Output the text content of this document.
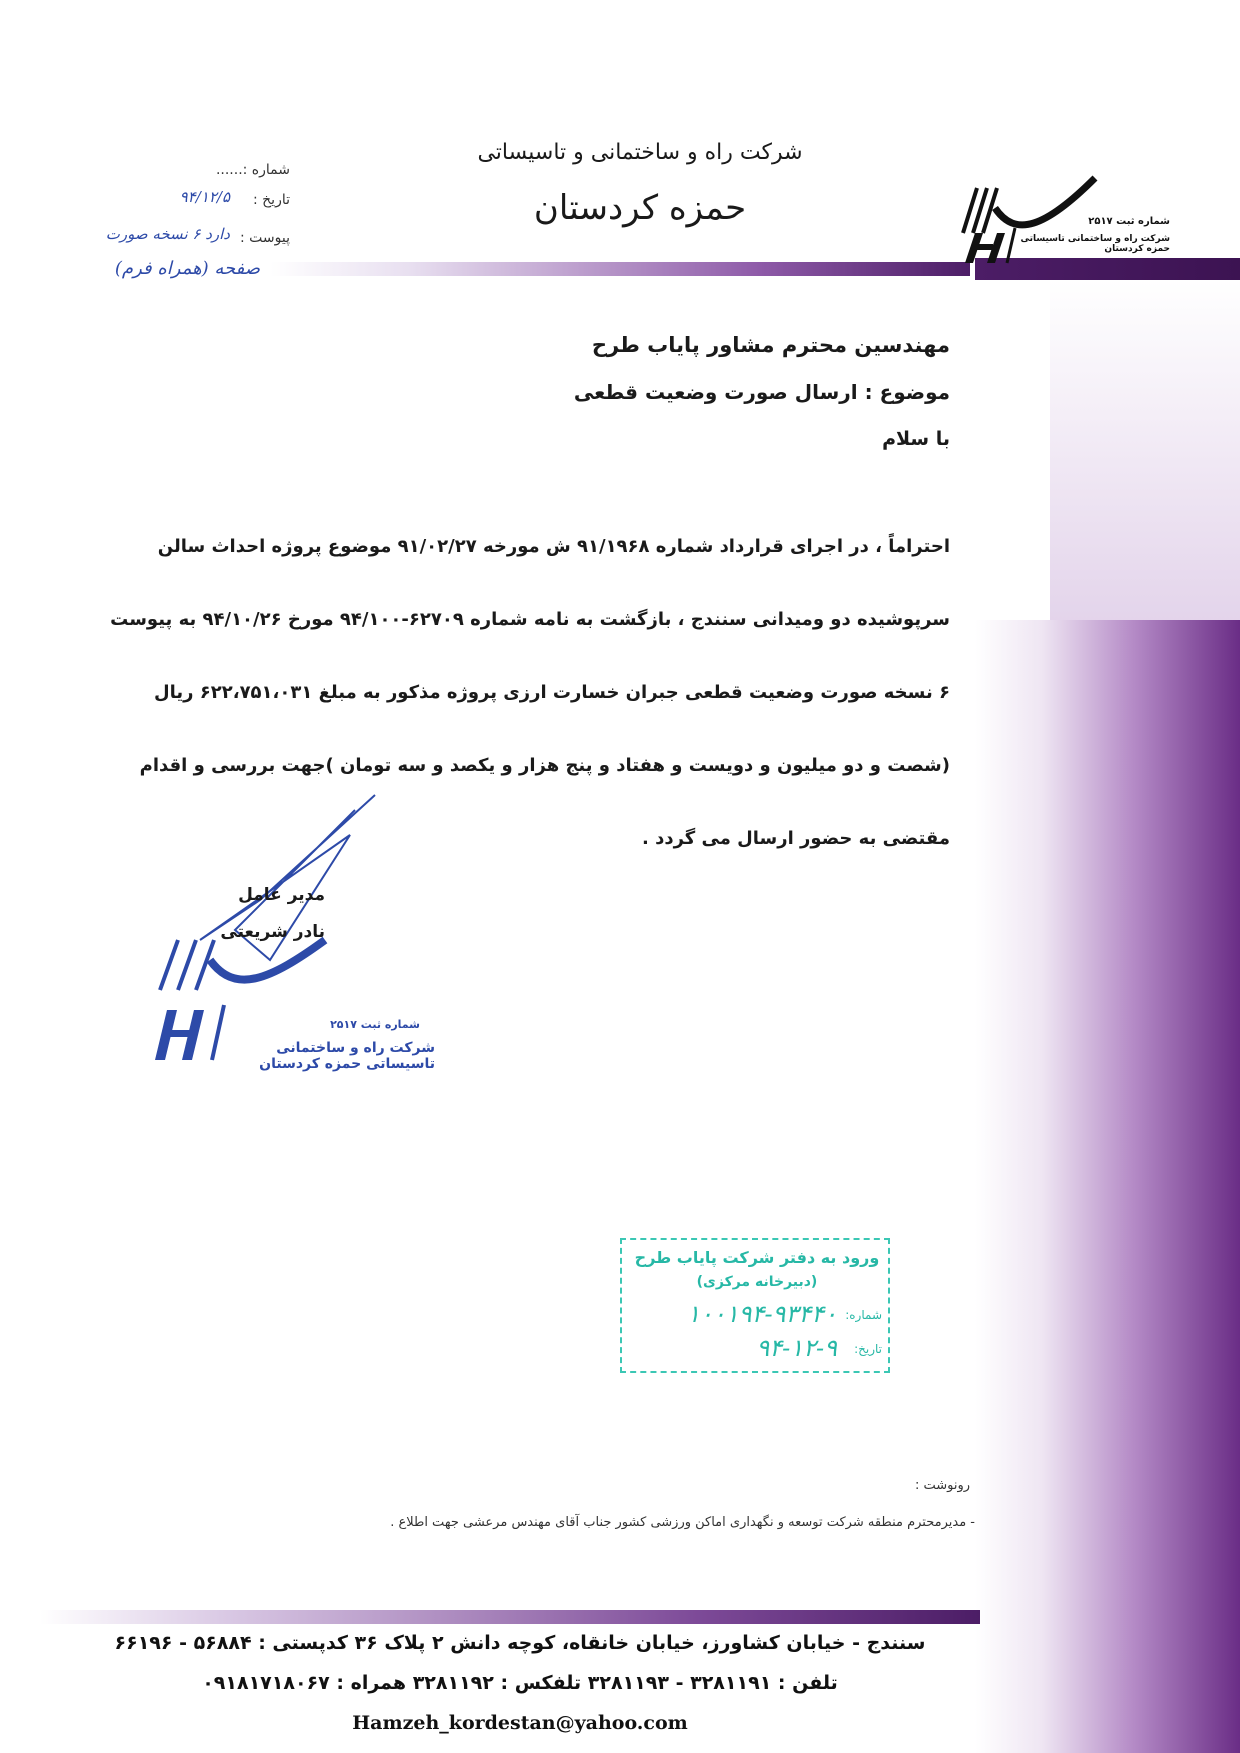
شماره ثبت ۲۵۱۷
شرکت راه و ساختمانی تاسیساتی حمزه کردستان
شرکت راه و ساختمانی و تاسیساتی
حمزه کردستان
شماره :......
تاریخ :
۹۴/۱۲/۵
پیوست :
دارد ۶ نسخه صورت
صفحه (همراه فرم)
مهندسین محترم مشاور پایاب طرح
موضوع : ارسال صورت وضعیت قطعی
با سلام
احتراماً ، در اجرای قرارداد شماره ۹۱/۱۹۶۸ ش مورخه ۹۱/۰۲/۲۷ موضوع پروژه احداث سالن
سرپوشیده دو ومیدانی سنندج ، بازگشت به نامه شماره ۶۲۷۰۹-۹۴/۱۰۰ مورخ ۹۴/۱۰/۲۶ به پیوست
۶ نسخه صورت وضعیت قطعی جبران خسارت ارزی پروژه مذکور به مبلغ ۶۲۲،۷۵۱،۰۳۱ ریال
(شصت و دو میلیون و دویست و هفتاد و پنج هزار و یکصد و سه تومان )جهت بررسی و اقدام
مقتضی به حضور ارسال می گردد .
مدیر عامل
نادر شریعتی
شماره ثبت ۲۵۱۷
شرکت راه و ساختمانی تاسیساتی حمزه کردستان
ورود به دفتر شرکت پایاب طرح
(دبیرخانه مرکزی)
شماره:
۱۰۰۱۹۴-۹۳۴۴۰
تاریخ:
۹۴-۱۲-۹
رونوشت :
- مدیرمحترم منطقه شرکت توسعه و نگهداری اماکن ورزشی کشور جناب آقای مهندس مرعشی جهت اطلاع .
سنندج - خیابان کشاورز، خیابان خانقاه، کوچه دانش ۲ پلاک ۳۶ کدپستی : ۵۶۸۸۴ - ۶۶۱۹۶
تلفن : ۳۲۸۱۱۹۱ - ۳۲۸۱۱۹۳ تلفکس : ۳۲۸۱۱۹۲ همراه : ۰۹۱۸۱۷۱۸۰۶۷
Hamzeh_kordestan@yahoo.com
